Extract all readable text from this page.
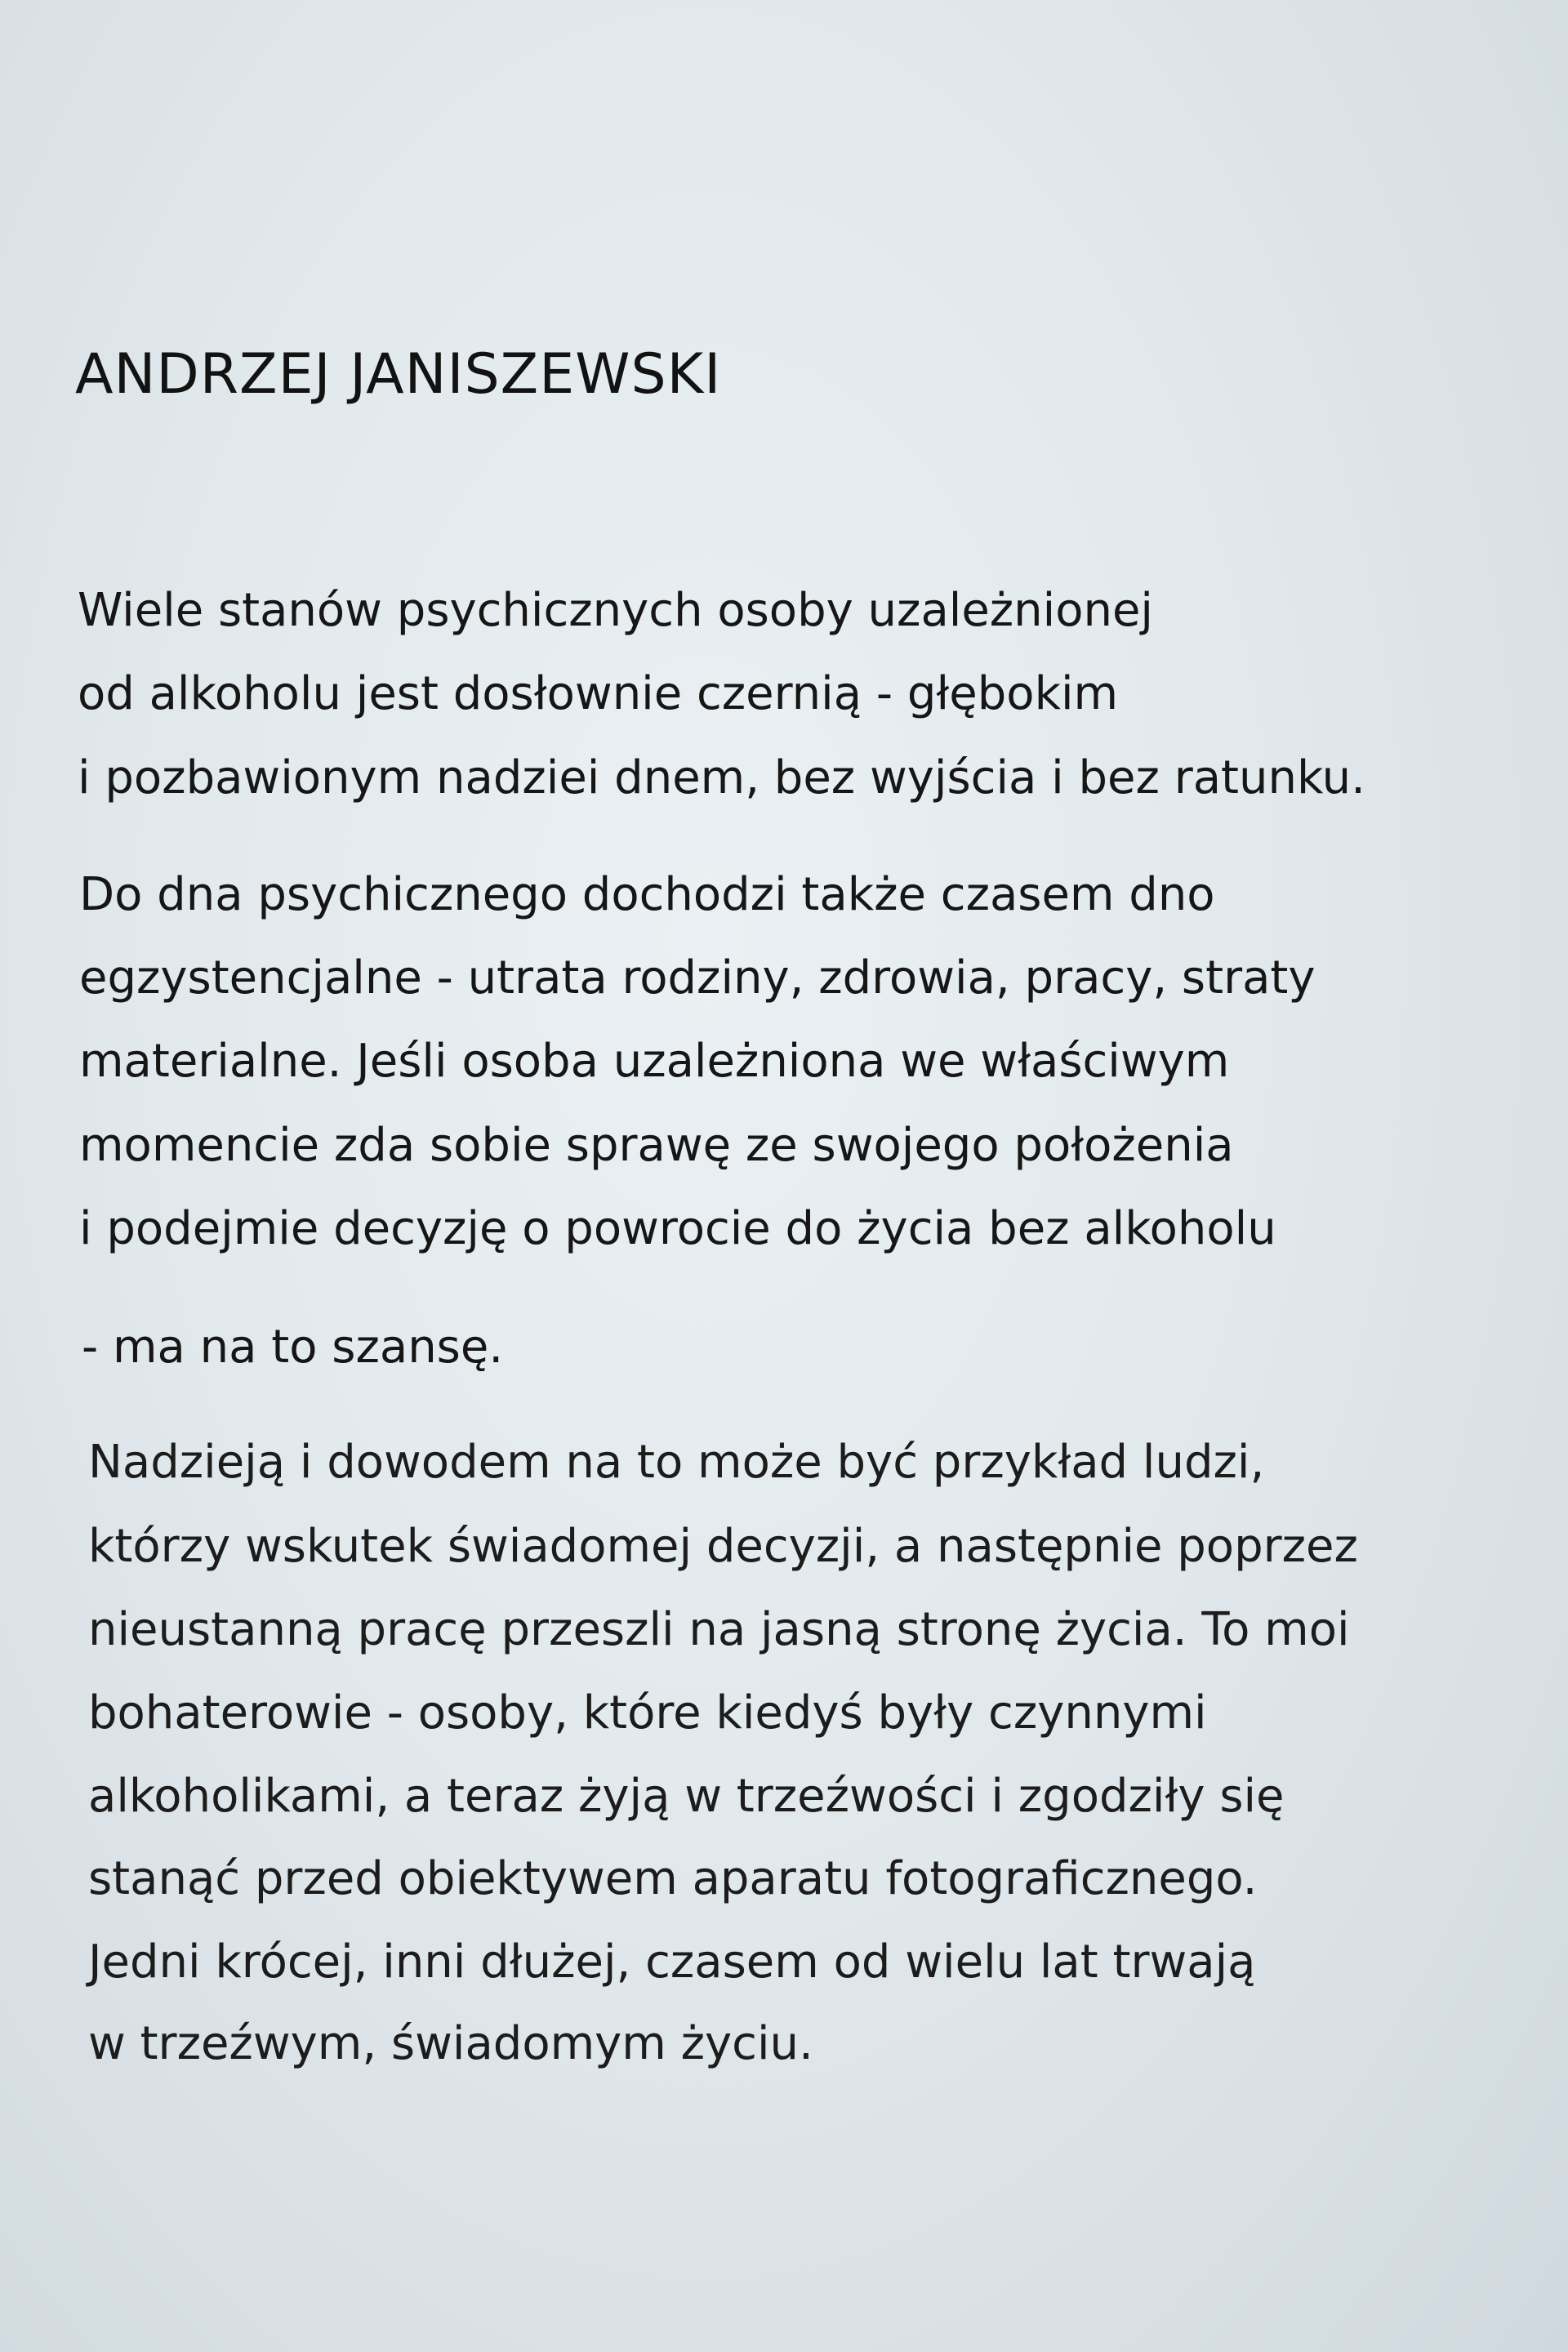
ANDRZEJ JANISZEWSKI

Wiele stanów psychicznych osoby uzależnionej

od alkoholu jest dosłownie czernią - głębokim

i pozbawionym nadziei dnem, bez wyjścia i bez ratunku.

Do dna psychicznego dochodzi także czasem dno

egzystencjalne - utrata rodziny, zdrowia, pracy, straty

materialne. Jeśli osoba uzależniona we właściwym

momencie zda sobie sprawę ze swojego położenia

i podejmie decyzję o powrocie do życia bez alkoholu

- ma na to szansę.

Nadzieją i dowodem na to może być przykład ludzi,

którzy wskutek świadomej decyzji, a następnie poprzez

nieustanną pracę przeszli na jasną stronę życia. To moi

bohaterowie - osoby, które kiedyś były czynnymi

alkoholikami, a teraz żyją w trzeźwości i zgodziły się

stanąć przed obiektywem aparatu fotograficznego.

Jedni krócej, inni dłużej, czasem od wielu lat trwają

w trzeźwym, świadomym życiu.
